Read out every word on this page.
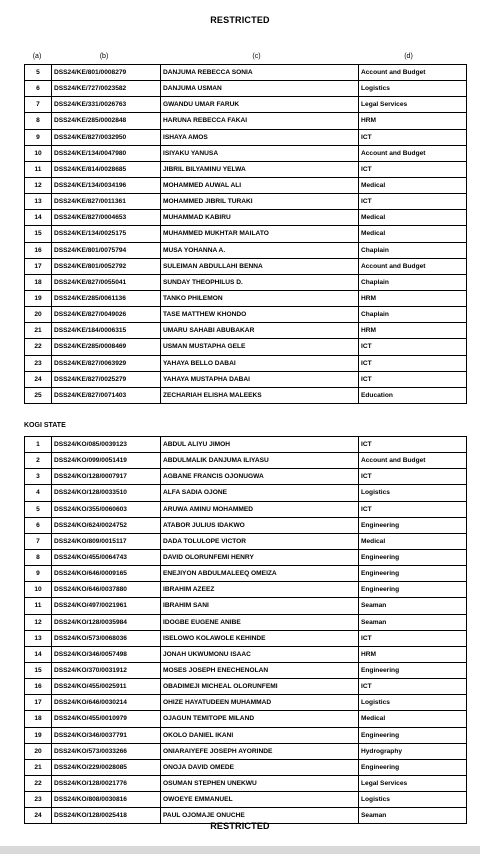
RESTRICTED
(a)	(b)	(c)	(d)
5	DSS24/KE/801/0008279	DANJUMA REBECCA SONIA	Account and Budget
6	DSS24/KE/727/0023582	DANJUMA USMAN	Logistics
7	DSS24/KE/331/0026763	GWANDU UMAR FARUK	Legal Services
8	DSS24/KE/285/0002848	HARUNA REBECCA FAKAI	HRM
9	DSS24/KE/827/0032950	ISHAYA AMOS	ICT
10	DSS24/KE/134/0047980	ISIYAKU YANUSA	Account and Budget
11	DSS24/KE/814/0028685	JIBRIL BILYAMINU YELWA	ICT
12	DSS24/KE/134/0034196	MOHAMMED AUWAL ALI	Medical
13	DSS24/KE/827/0011361	MOHAMMED JIBRIL TURAKI	ICT
14	DSS24/KE/827/0004653	MUHAMMAD KABIRU	Medical
15	DSS24/KE/134/0025175	MUHAMMED MUKHTAR MAILATO	Medical
16	DSS24/KE/801/0075794	MUSA YOHANNA A.	Chaplain
17	DSS24/KE/801/0052792	SULEIMAN ABDULLAHI BENNA	Account and Budget
18	DSS24/KE/827/0055041	SUNDAY THEOPHILUS D.	Chaplain
19	DSS24/KE/285/0061136	TANKO PHILEMON	HRM
20	DSS24/KE/827/0049026	TASE MATTHEW KHONDO	Chaplain
21	DSS24/KE/184/0006315	UMARU SAHABI ABUBAKAR	HRM
22	DSS24/KE/285/0008469	USMAN MUSTAPHA GELE	ICT
23	DSS24/KE/827/0063929	YAHAYA BELLO DABAI	ICT
24	DSS24/KE/827/0025279	YAHAYA MUSTAPHA DABAI	ICT
25	DSS24/KE/827/0071403	ZECHARIAH ELISHA MALEEKS	Education
KOGI STATE
1	DSS24/KO/085/0039123	ABDUL ALIYU JIMOH	ICT
2	DSS24/KO/099/0051419	ABDULMALIK DANJUMA ILIYASU	Account and Budget
3	DSS24/KO/128/0007917	AGBANE FRANCIS OJONUGWA	ICT
4	DSS24/KO/128/0033510	ALFA SADIA OJONE	Logistics
5	DSS24/KO/355/0060603	ARUWA AMINU MOHAMMED	ICT
6	DSS24/KO/624/0024752	ATABOR JULIUS IDAKWO	Engineering
7	DSS24/KO/809/0015117	DADA TOLULOPE VICTOR	Medical
8	DSS24/KO/455/0064743	DAVID OLORUNFEMI HENRY	Engineering
9	DSS24/KO/646/0009165	ENEJIYON ABDULMALEEQ OMEIZA	Engineering
10	DSS24/KO/646/0037880	IBRAHIM AZEEZ	Engineering
11	DSS24/KO/497/0021961	IBRAHIM SANI	Seaman
12	DSS24/KO/128/0035984	IDOGBE EUGENE ANIBE	Seaman
13	DSS24/KO/573/0068036	ISELOWO KOLAWOLE KEHINDE	ICT
14	DSS24/KO/346/0057498	JONAH UKWUMONU ISAAC	HRM
15	DSS24/KO/370/0031912	MOSES JOSEPH ENECHENOLAN	Engineering
16	DSS24/KO/455/0025911	OBADIMEJI MICHEAL OLORUNFEMI	ICT
17	DSS24/KO/646/0030214	OHIZE HAYATUDEEN MUHAMMAD	Logistics
18	DSS24/KO/455/0010979	OJAGUN TEMITOPE MILAND	Medical
19	DSS24/KO/346/0037791	OKOLO DANIEL IKANI	Engineering
20	DSS24/KO/573/0033266	ONIARAIYEFE JOSEPH AYORINDE	Hydrography
21	DSS24/KO/229/0028085	ONOJA DAVID OMEDE	Engineering
22	DSS24/KO/128/0021776	OSUMAN STEPHEN UNEKWU	Legal Services
23	DSS24/KO/808/0030816	OWOEYE EMMANUEL	Logistics
24	DSS24/KO/128/0025418	PAUL OJOMAJE ONUCHE	Seaman
RESTRICTED
